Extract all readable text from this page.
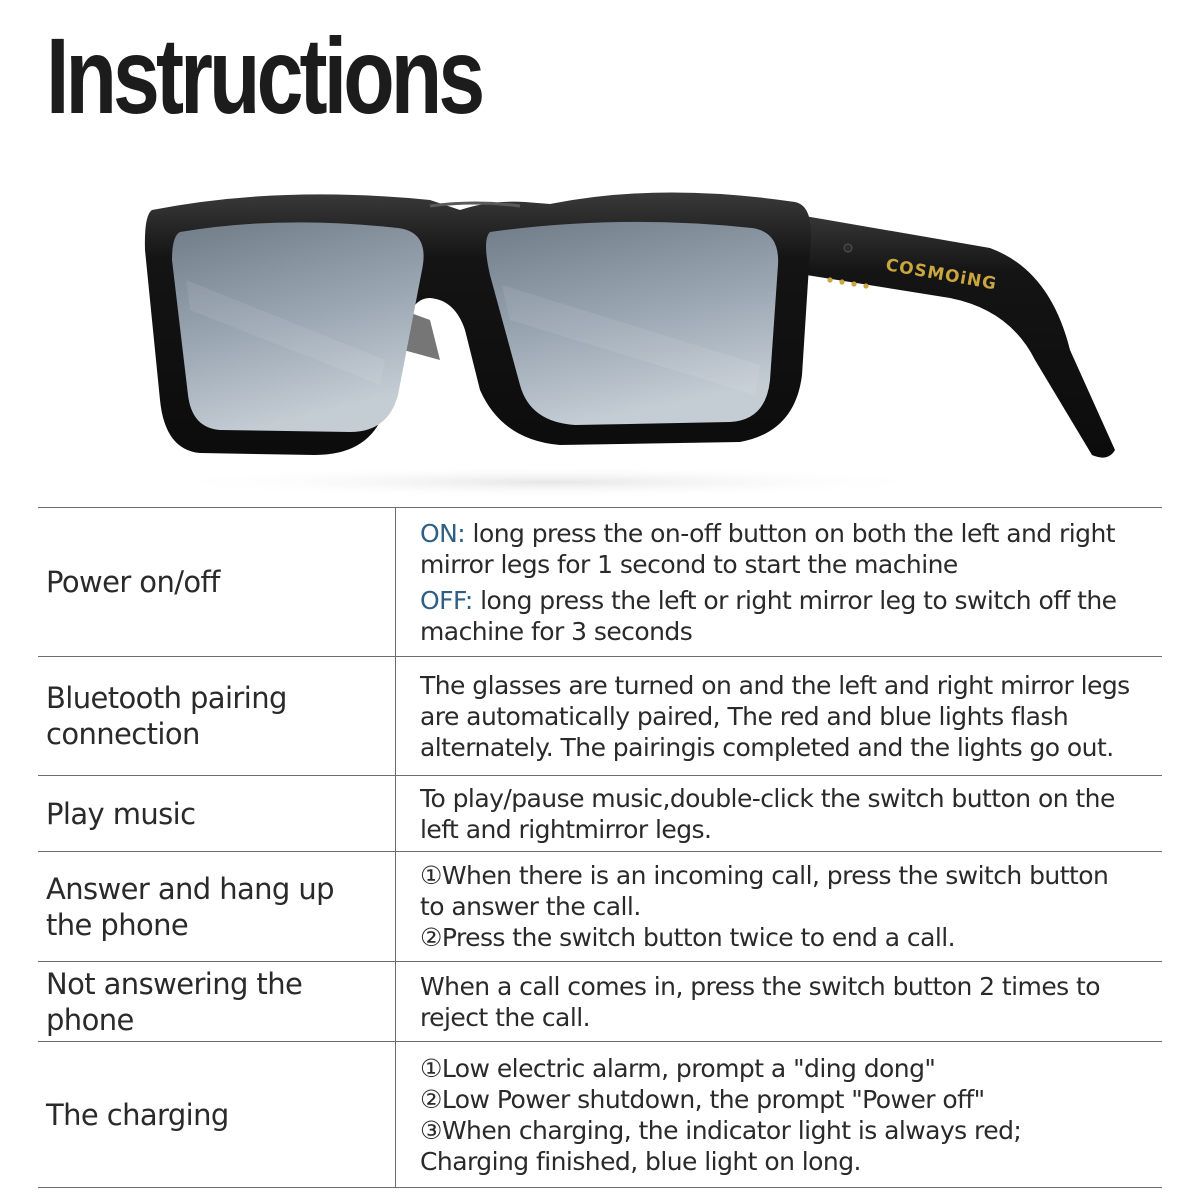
Instructions
COSMOiNG
Power on/off
ON: long press the on-off button on both the left and right
mirror legs for 1 second to start the machine
OFF: long press the left or right mirror leg to switch off the
machine for 3 seconds
Bluetooth pairing connection
The glasses are turned on and the left and right mirror legs
are automatically paired, The red and blue lights flash
alternately. The pairingis completed and the lights go out.
Play music	To play/pause music,double-click the switch button on the
left and rightmirror legs.
Answer and hang up the phone
①When there is an incoming call, press the switch button
to answer the call.
②Press the switch button twice to end a call.
Not answering the phone
When a call comes in, press the switch button 2 times to
reject the call.
The charging
①Low electric alarm, prompt a "ding dong"
②Low Power shutdown, the prompt "Power off"
③When charging, the indicator light is always red;
Charging finished, blue light on long.
